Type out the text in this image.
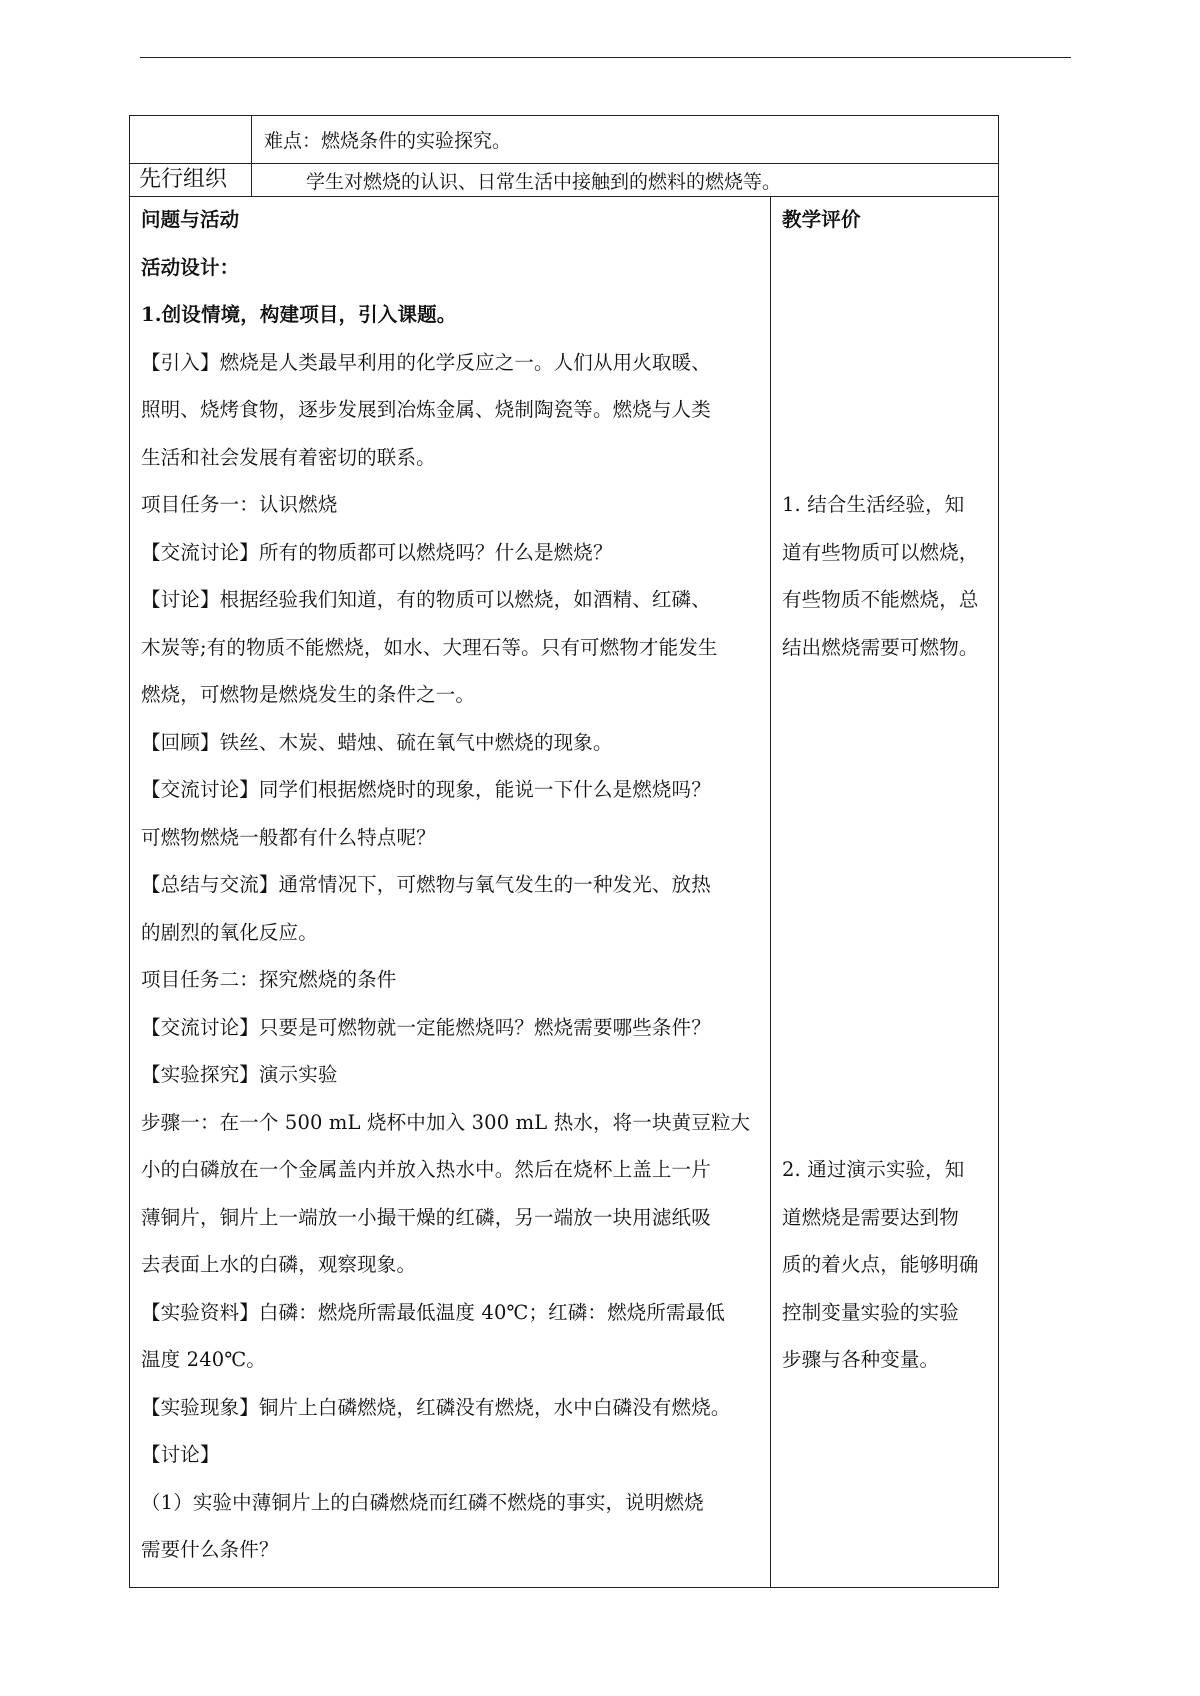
难点：燃烧条件的实验探究。
先行组织	学生对燃烧的认识、日常生活中接触到的燃料的燃烧等。
问题与活动
活动设计：
1.创设情境，构建项目，引入课题。
【引入】燃烧是人类最早利用的化学反应之一。人们从用火取暖、
照明、烧烤食物，逐步发展到冶炼金属、烧制陶瓷等。燃烧与人类
生活和社会发展有着密切的联系。
项目任务一：认识燃烧
【交流讨论】所有的物质都可以燃烧吗？什么是燃烧？
【讨论】根据经验我们知道，有的物质可以燃烧，如酒精、红磷、
木炭等;有的物质不能燃烧，如水、大理石等。只有可燃物才能发生
燃烧，可燃物是燃烧发生的条件之一。
【回顾】铁丝、木炭、蜡烛、硫在氧气中燃烧的现象。
【交流讨论】同学们根据燃烧时的现象，能说一下什么是燃烧吗？
可燃物燃烧一般都有什么特点呢？
【总结与交流】通常情况下，可燃物与氧气发生的一种发光、放热
的剧烈的氧化反应。
项目任务二：探究燃烧的条件
【交流讨论】只要是可燃物就一定能燃烧吗？燃烧需要哪些条件？
【实验探究】演示实验
步骤一：在一个 500 mL 烧杯中加入 300 mL 热水，将一块黄豆粒大
小的白磷放在一个金属盖内并放入热水中。然后在烧杯上盖上一片
薄铜片，铜片上一端放一小撮干燥的红磷，另一端放一块用滤纸吸
去表面上水的白磷，观察现象。
【实验资料】白磷：燃烧所需最低温度 40℃；红磷：燃烧所需最低
温度 240℃。
【实验现象】铜片上白磷燃烧，红磷没有燃烧，水中白磷没有燃烧。
【讨论】
（1）实验中薄铜片上的白磷燃烧而红磷不燃烧的事实，说明燃烧
需要什么条件？
教学评价
1. 结合生活经验，知
道有些物质可以燃烧，
有些物质不能燃烧，总
结出燃烧需要可燃物。
2. 通过演示实验，知
道燃烧是需要达到物
质的着火点，能够明确
控制变量实验的实验
步骤与各种变量。
